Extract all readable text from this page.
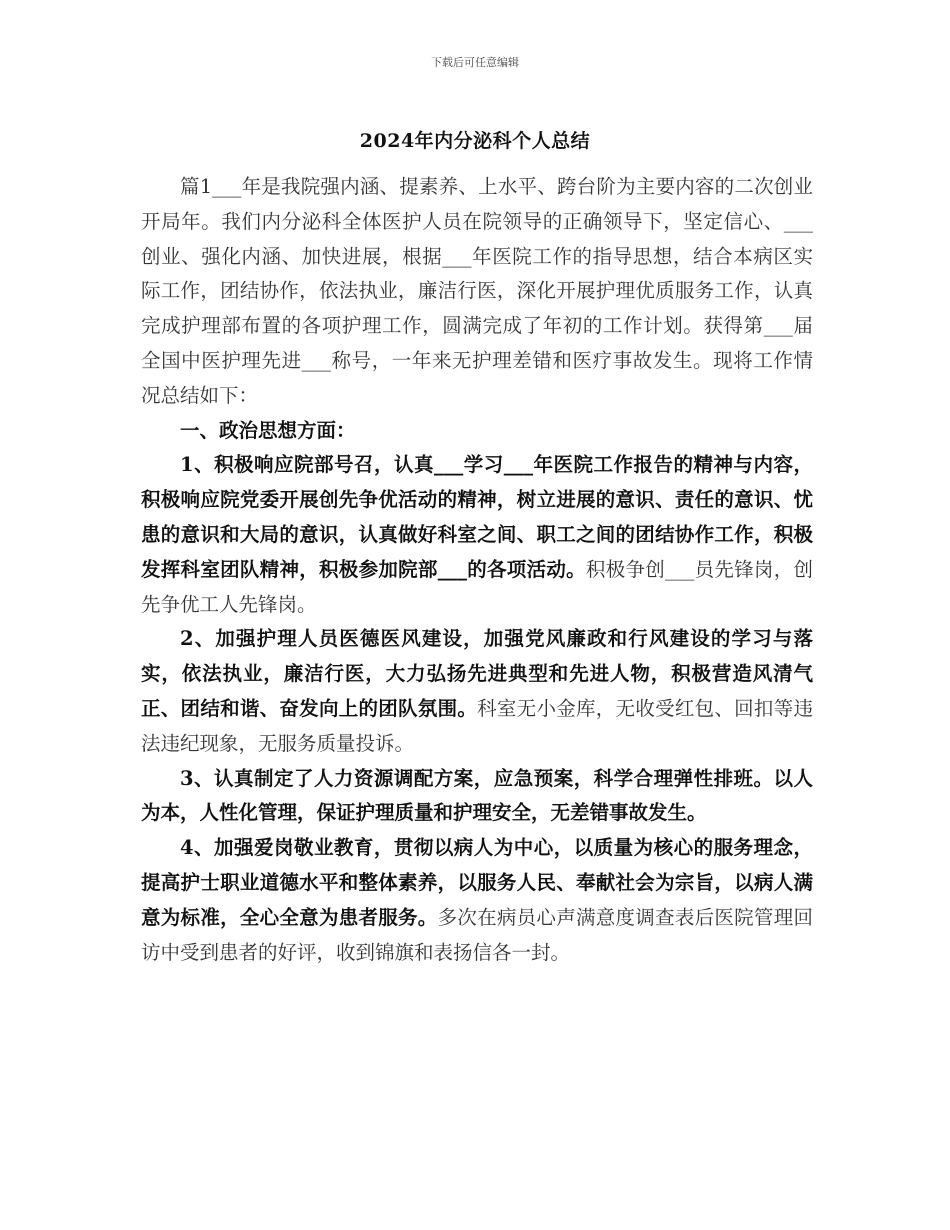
下载后可任意编辑
2024年内分泌科个人总结

篇1___年是我院强内涵、提素养、上水平、跨台阶为主要内容的二次创业开局年。我们内分泌科全体医护人员在院领导的正确领导下，坚定信心、___创业、强化内涵、加快进展，根据___年医院工作的指导思想，结合本病区实际工作，团结协作，依法执业，廉洁行医，深化开展护理优质服务工作，认真完成护理部布置的各项护理工作，圆满完成了年初的工作计划。获得第___届全国中医护理先进___称号，一年来无护理差错和医疗事故发生。现将工作情况总结如下：

一、政治思想方面：

1、积极响应院部号召，认真___学习___年医院工作报告的精神与内容，积极响应院党委开展创先争优活动的精神，树立进展的意识、责任的意识、忧患的意识和大局的意识，认真做好科室之间、职工之间的团结协作工作，积极发挥科室团队精神，积极参加院部___的各项活动。积极争创___员先锋岗，创先争优工人先锋岗。

2、加强护理人员医德医风建设，加强党风廉政和行风建设的学习与落实，依法执业，廉洁行医，大力弘扬先进典型和先进人物，积极营造风清气正、团结和谐、奋发向上的团队氛围。科室无小金库，无收受红包、回扣等违法违纪现象，无服务质量投诉。

3、认真制定了人力资源调配方案，应急预案，科学合理弹性排班。以人为本，人性化管理，保证护理质量和护理安全，无差错事故发生。

4、加强爱岗敬业教育，贯彻以病人为中心，以质量为核心的服务理念，提高护士职业道德水平和整体素养，以服务人民、奉献社会为宗旨，以病人满意为标准，全心全意为患者服务。多次在病员心声满意度调查表后医院管理回访中受到患者的好评，收到锦旗和表扬信各一封。
